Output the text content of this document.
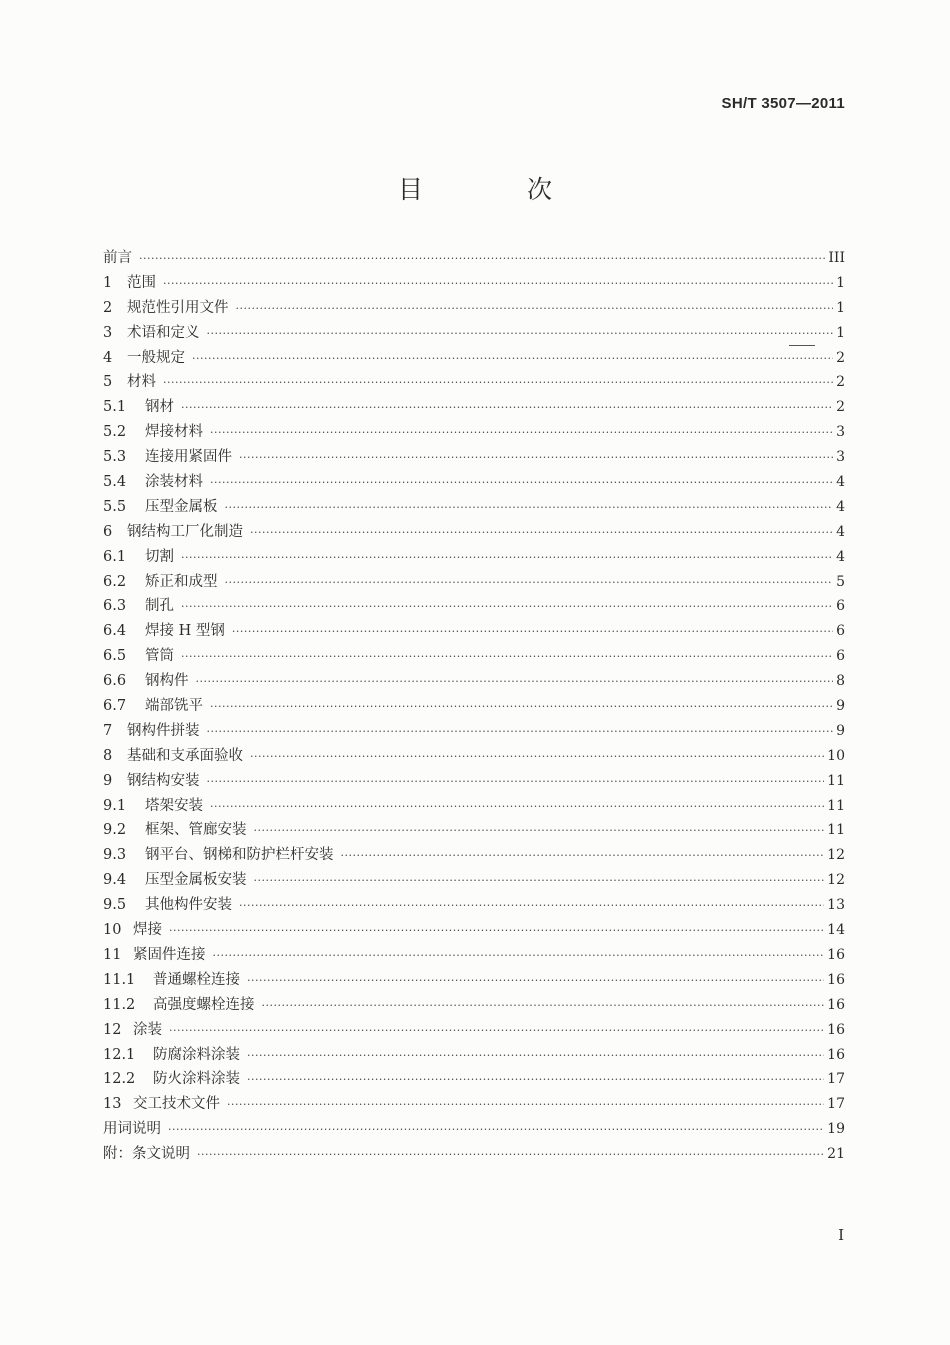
SH/T 3507—2011
目 次
前言 ·····	III
1	范围 ·····	1
2	规范性引用文件 ·····	1
3	术语和定义 ·····	1
4	一般规定 ·····	2
5	材料 ·····	2
5.1	钢材 ·····	2
5.2	焊接材料 ·····	3
5.3	连接用紧固件 ·····	3
5.4	涂装材料 ·····	4
5.5	压型金属板 ·····	4
6	钢结构工厂化制造 ·····	4
6.1	切割 ·····	4
6.2	矫正和成型 ·····	5
6.3	制孔 ·····	6
6.4	焊接 H 型钢 ·····	6
6.5	管筒 ·····	6
6.6	钢构件 ·····	8
6.7	端部铣平 ·····	9
7	钢构件拼装 ·····	9
8	基础和支承面验收 ·····	10
9	钢结构安装 ·····	11
9.1	塔架安装 ·····	11
9.2	框架、管廊安装 ·····	11
9.3	钢平台、钢梯和防护栏杆安装 ·····	12
9.4	压型金属板安装 ·····	12
9.5	其他构件安装 ·····	13
10 焊接 ·····	14
11 紧固件连接 ·····	16
11.1	普通螺栓连接 ·····	16
11.2	高强度螺栓连接 ·····	16
12 涂装 ·····	16
12.1	防腐涂料涂装 ·····	16
12.2	防火涂料涂装 ·····	17
13 交工技术文件 ·····	17
用词说明 ·····	19
附：条文说明 ·····	21
I
